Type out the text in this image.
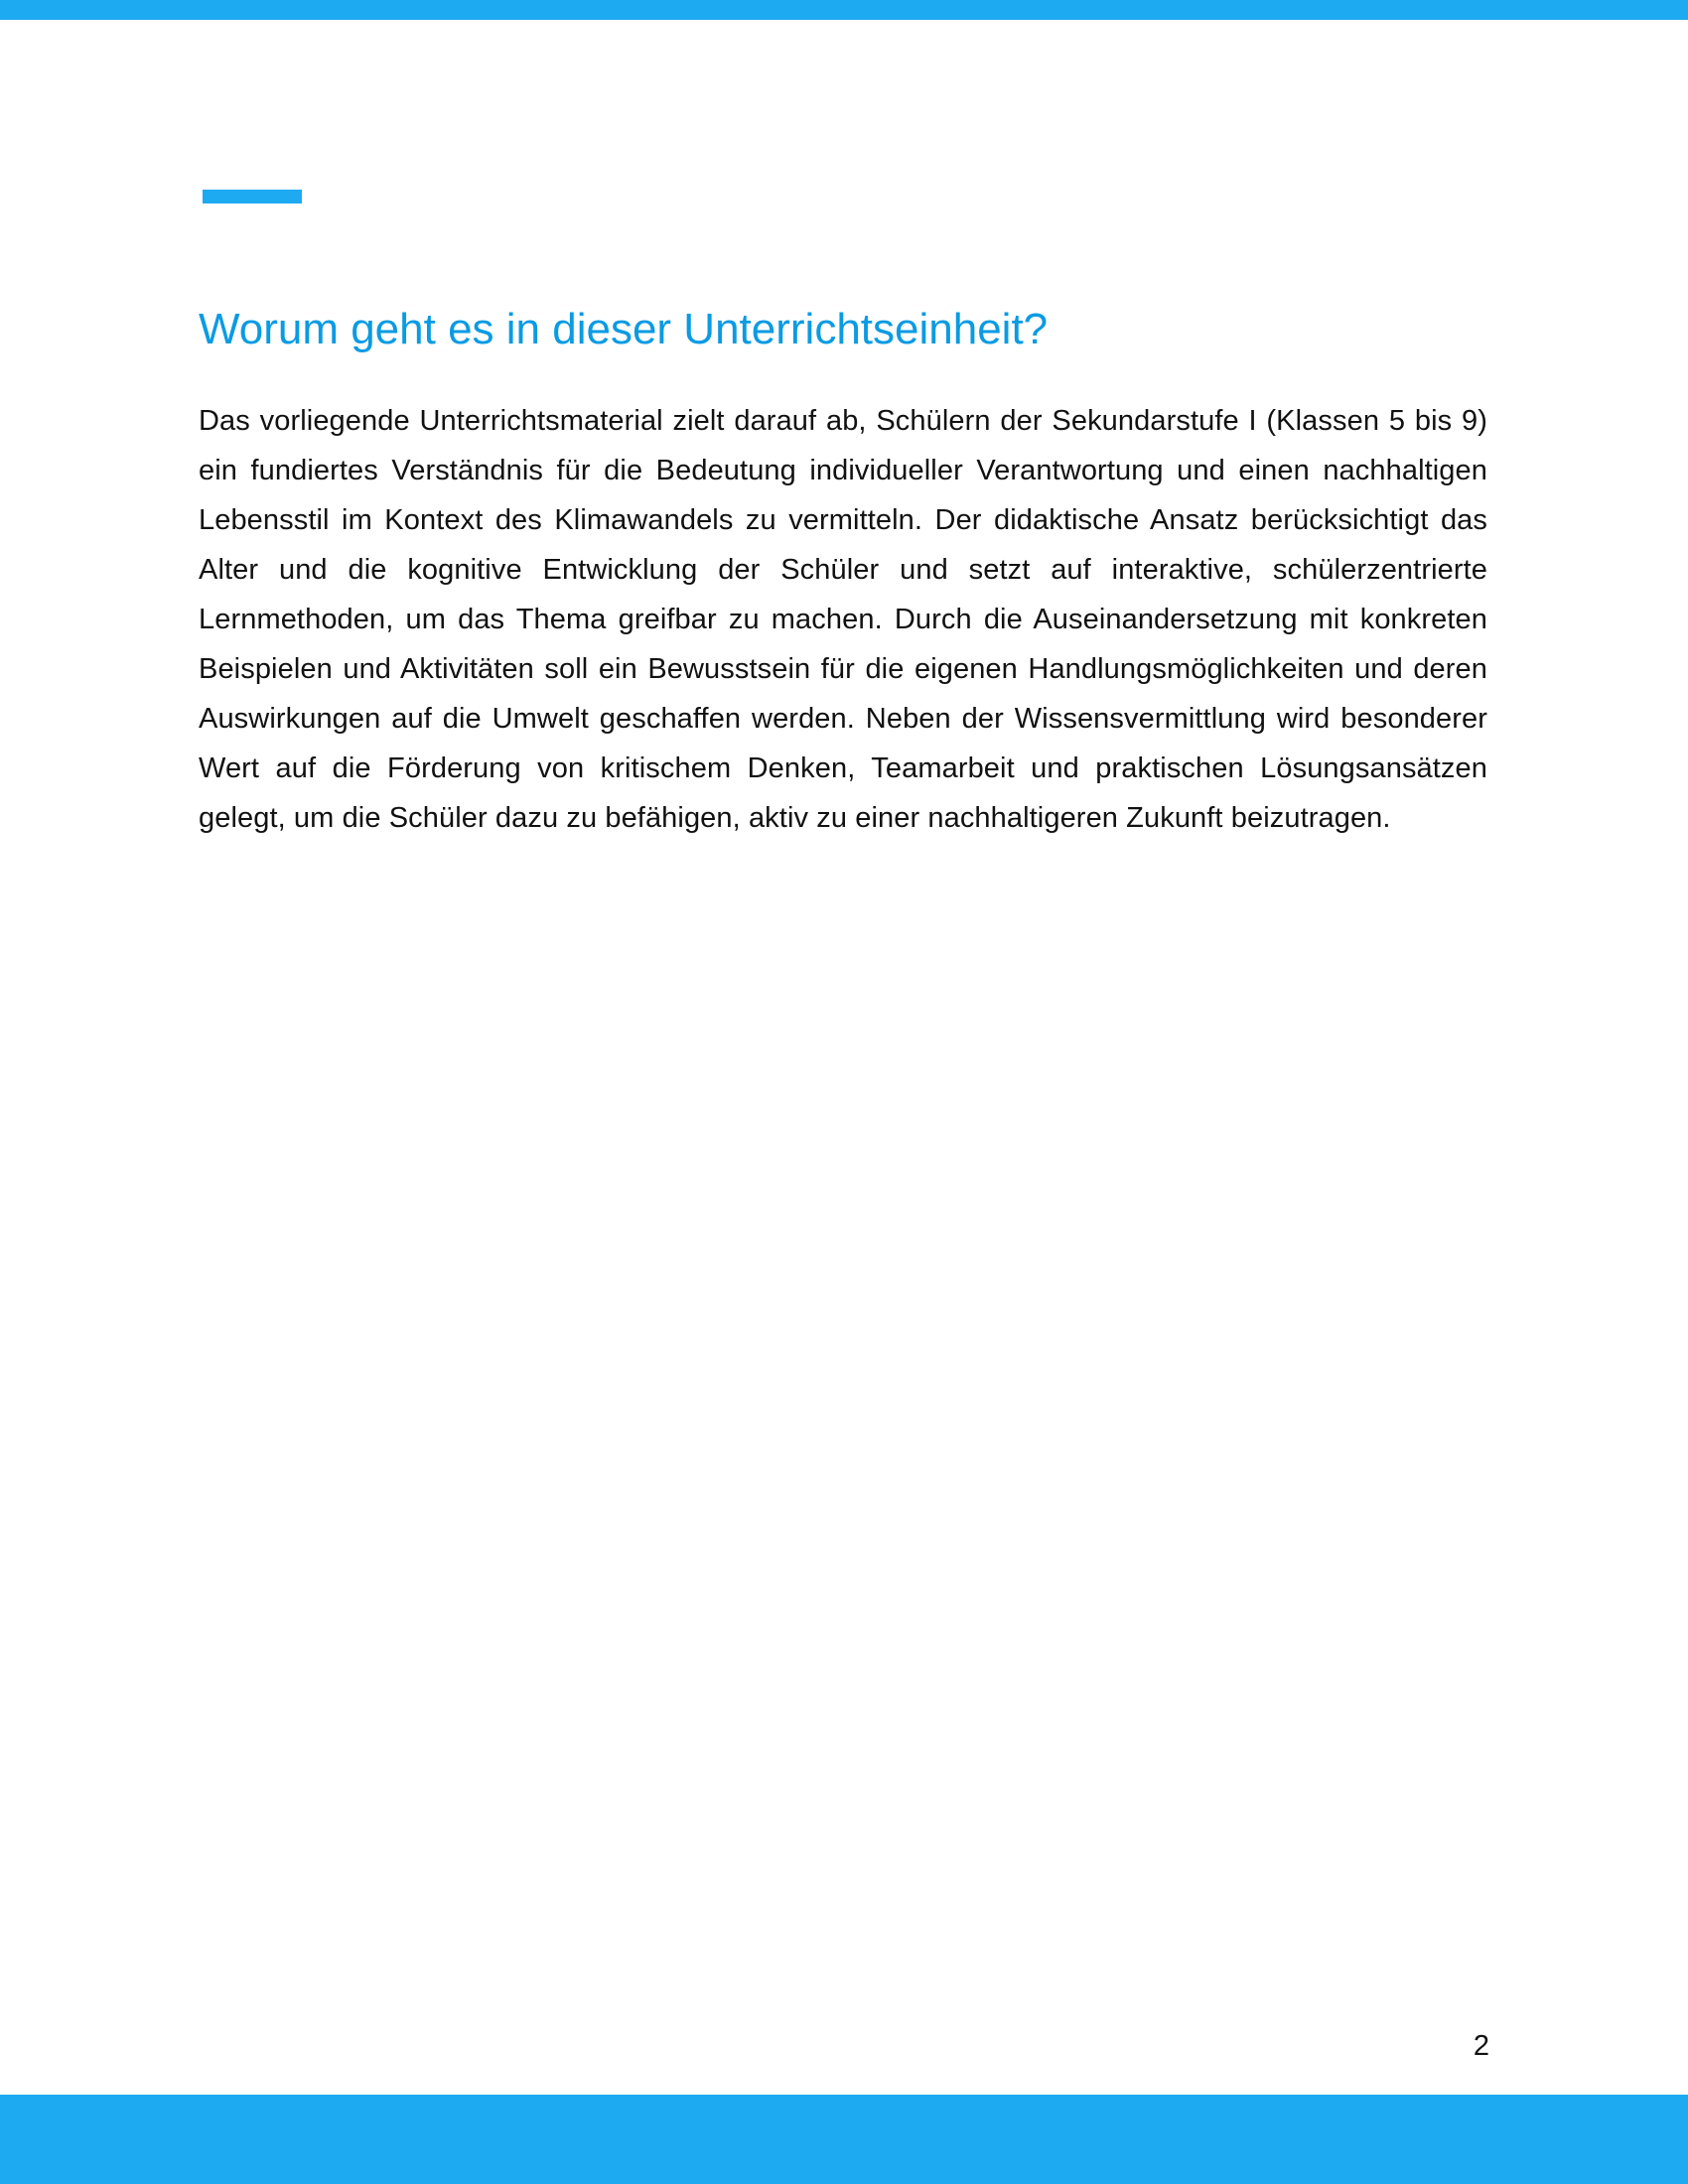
Worum geht es in dieser Unterrichtseinheit?

Das vorliegende Unterrichtsmaterial zielt darauf ab, Schülern der Sekundarstufe I (Klassen 5 bis 9) ein fundiertes Verständnis für die Bedeutung individueller Verantwortung und einen nachhaltigen Lebensstil im Kontext des Klimawandels zu vermitteln. Der didaktische Ansatz berücksichtigt das Alter und die kognitive Entwicklung der Schüler und setzt auf interaktive, schülerzentrierte Lernmethoden, um das Thema greifbar zu machen. Durch die Auseinandersetzung mit konkreten Beispielen und Aktivitäten soll ein Bewusstsein für die eigenen Handlungsmöglichkeiten und deren Auswirkungen auf die Umwelt geschaffen werden. Neben der Wissensvermittlung wird besonderer Wert auf die Förderung von kritischem Denken, Teamarbeit und praktischen Lösungsansätzen gelegt, um die Schüler dazu zu befähigen, aktiv zu einer nachhaltigeren Zukunft beizutragen.

2
